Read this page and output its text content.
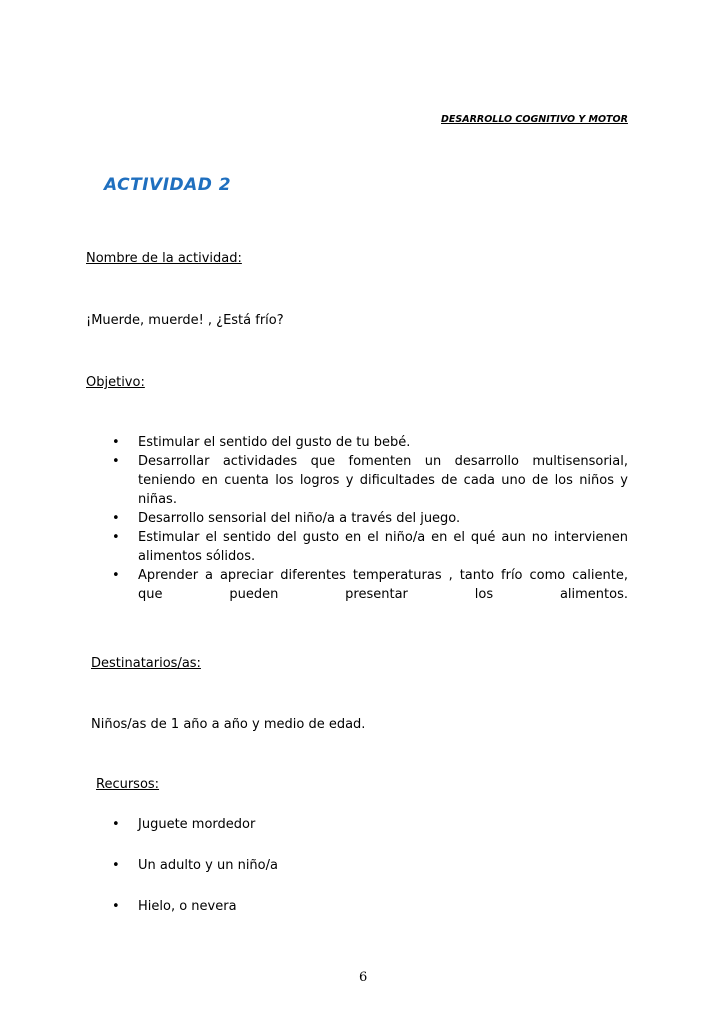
DESARROLLO COGNITIVO Y MOTOR
ACTIVIDAD 2
Nombre de la actividad:
¡Muerde, muerde! , ¿Está frío?
Objetivo:
• Estimular el sentido del gusto de tu bebé.
• Desarrollar actividades que fomenten un desarrollo multisensorial, teniendo en cuenta los logros y dificultades de cada uno de los niños y niñas.
• Desarrollo sensorial del niño/a a través del juego.
• Estimular el sentido del gusto en el niño/a en el qué aun no intervienen alimentos sólidos.
• Aprender a apreciar diferentes temperaturas , tanto frío como caliente, que pueden presentar los alimentos.
Destinatarios/as:
Niños/as de 1 año a año y medio de edad.
Recursos:
• Juguete mordedor
• Un adulto y un niño/a
• Hielo, o nevera
6
